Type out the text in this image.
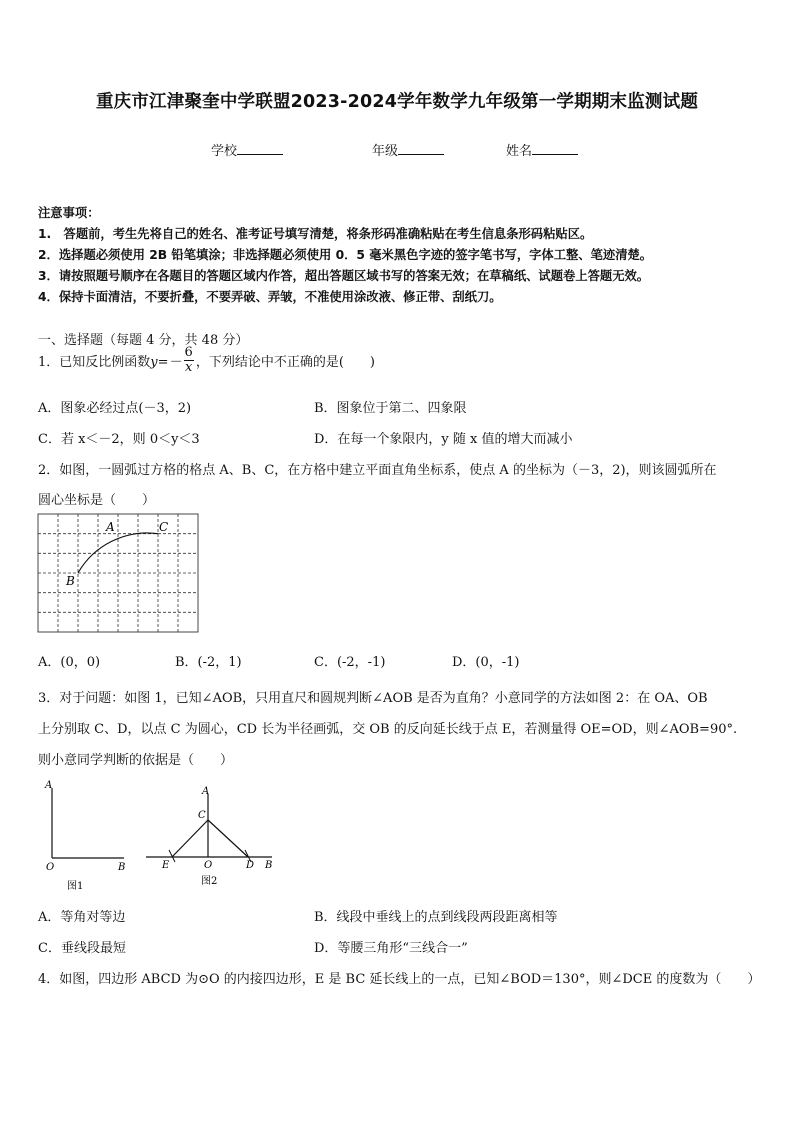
重庆市江津聚奎中学联盟2023-2024学年数学九年级第一学期期末监测试题
学校	年级	姓名
注意事项：
1.　答题前，考生先将自己的姓名、准考证号填写清楚，将条形码准确粘贴在考生信息条形码粘贴区。
2．选择题必须使用 2B 铅笔填涂；非选择题必须使用 0．5 毫米黑色字迹的签字笔书写，字体工整、笔迹清楚。
3．请按照题号顺序在各题目的答题区域内作答，超出答题区域书写的答案无效；在草稿纸、试题卷上答题无效。
4．保持卡面清洁，不要折叠，不要弄破、弄皱，不准使用涂改液、修正带、刮纸刀。
一、选择题（每题 4 分，共 48 分）
1．已知反比例函数$y=- \frac{6}{x}$ ，下列结论中不正确的是(　　)
A．图象必经过点(－3，2)	B．图象位于第二、四象限
C．若 x＜－2，则 0＜y＜3	D．在每一个象限内，y 随 x 值的增大而减小
2．如图，一圆弧过方格的格点 A、B、C，在方格中建立平面直角坐标系，使点 A 的坐标为（－3，2)，则该圆弧所在
圆心坐标是（　　）
A
B
C
A．(0，0)	B．(-2，1)	C．(-2，-1)	D．(0，-1)
3．对于问题：如图 1，已知∠AOB，只用直尺和圆规判断∠AOB 是否为直角？小意同学的方法如图 2：在 OA、OB
上分别取 C、D，以点 C 为圆心，CD 长为半径画弧，交 OB 的反向延长线于点 E，若测量得 OE=OD，则∠AOB=90°.
则小意同学判断的依据是（　　）
A
O	B
图1
A
C
E	O	D B
图2
A．等角对等边	B．线段中垂线上的点到线段两段距离相等
C．垂线段最短	D．等腰三角形“三线合一”
4．如图，四边形 ABCD 为⊙O 的内接四边形，E 是 BC 延长线上的一点，已知∠BOD＝130°，则∠DCE 的度数为（　　）
